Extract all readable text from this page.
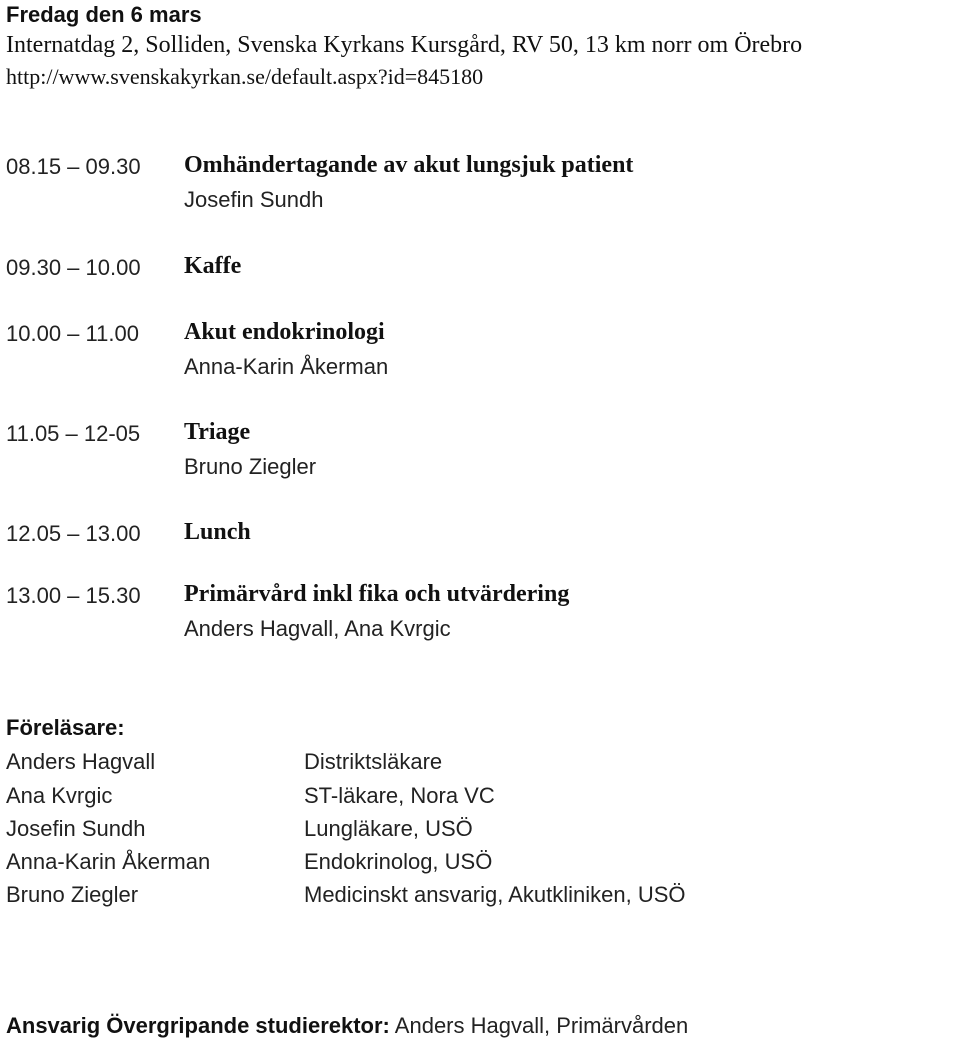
Fredag den 6 mars
Internatdag 2, Solliden, Svenska Kyrkans Kursgård, RV 50, 13 km norr om Örebro
http://www.svenskakyrkan.se/default.aspx?id=845180
08.15 – 09.30 Omhändertagande av akut lungsjuk patient
Josefin Sundh
09.30 – 10.00 Kaffe
10.00 – 11.00 Akut endokrinologi
Anna-Karin Åkerman
11.05 – 12-05 Triage
Bruno Ziegler
12.05 – 13.00 Lunch
13.00 – 15.30 Primärvård inkl fika och utvärdering
Anders Hagvall, Ana Kvrgic
Föreläsare:
Anders Hagvall	Distriktsläkare
Ana Kvrgic	ST-läkare, Nora VC
Josefin Sundh	Lungläkare, USÖ
Anna-Karin Åkerman	Endokrinolog, USÖ
Bruno Ziegler	Medicinskt ansvarig, Akutkliniken, USÖ
Ansvarig Övergripande studierektor: Anders Hagvall, Primärvården
